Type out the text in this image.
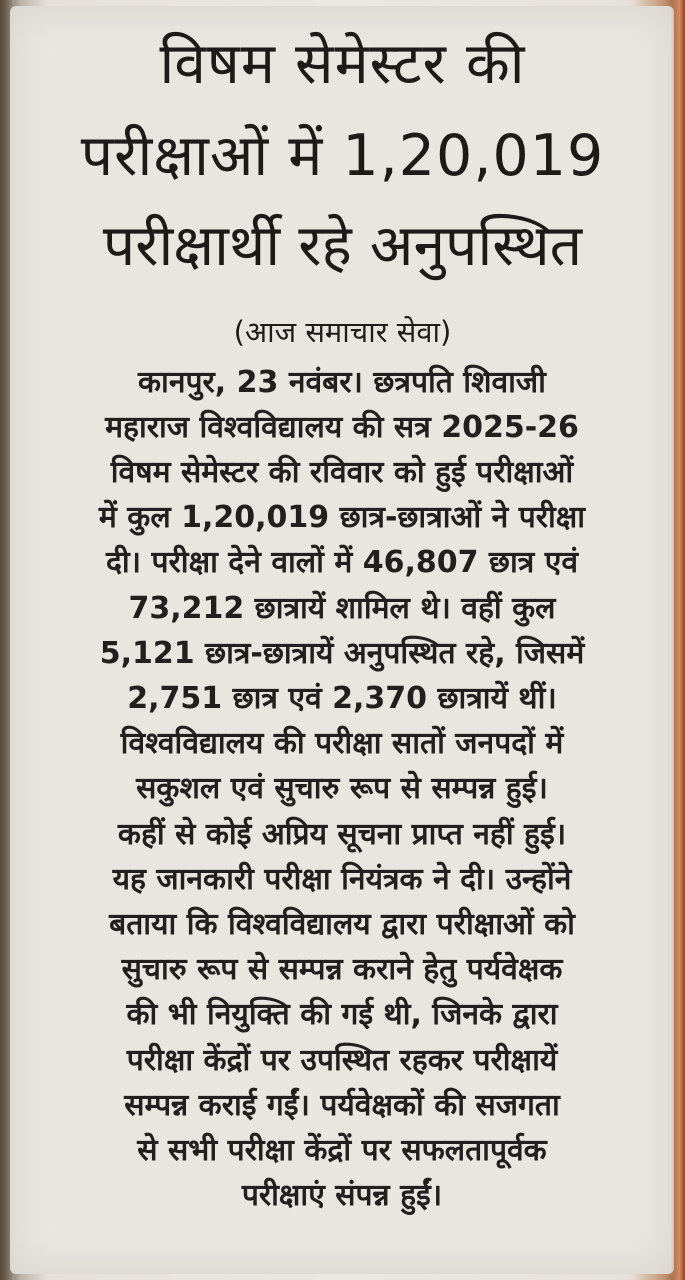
विषम सेमेस्टर की
परीक्षाओं में 1,20,019
परीक्षार्थी रहे अनुपस्थित
(आज समाचार सेवा)
कानपुर, 23 नवंबर। छत्रपति शिवाजी
महाराज विश्वविद्यालय की सत्र 2025-26
विषम सेमेस्टर की रविवार को हुई परीक्षाओं
में कुल 1,20,019 छात्र-छात्राओं ने परीक्षा
दी। परीक्षा देने वालों में 46,807 छात्र एवं
73,212 छात्रायें शामिल थे। वहीं कुल
5,121 छात्र-छात्रायें अनुपस्थित रहे, जिसमें
2,751 छात्र एवं 2,370 छात्रायें थीं।
विश्वविद्यालय की परीक्षा सातों जनपदों में
सकुशल एवं सुचारु रूप से सम्पन्न हुई।
कहीं से कोई अप्रिय सूचना प्राप्त नहीं हुई।
यह जानकारी परीक्षा नियंत्रक ने दी। उन्होंने
बताया कि विश्वविद्यालय द्वारा परीक्षाओं को
सुचारु रूप से सम्पन्न कराने हेतु पर्यवेक्षक
की भी नियुक्ति की गई थी, जिनके द्वारा
परीक्षा केंद्रों पर उपस्थित रहकर परीक्षायें
सम्पन्न कराई गईं। पर्यवेक्षकों की सजगता
से सभी परीक्षा केंद्रों पर सफलतापूर्वक
परीक्षाएं संपन्न हुईं।
